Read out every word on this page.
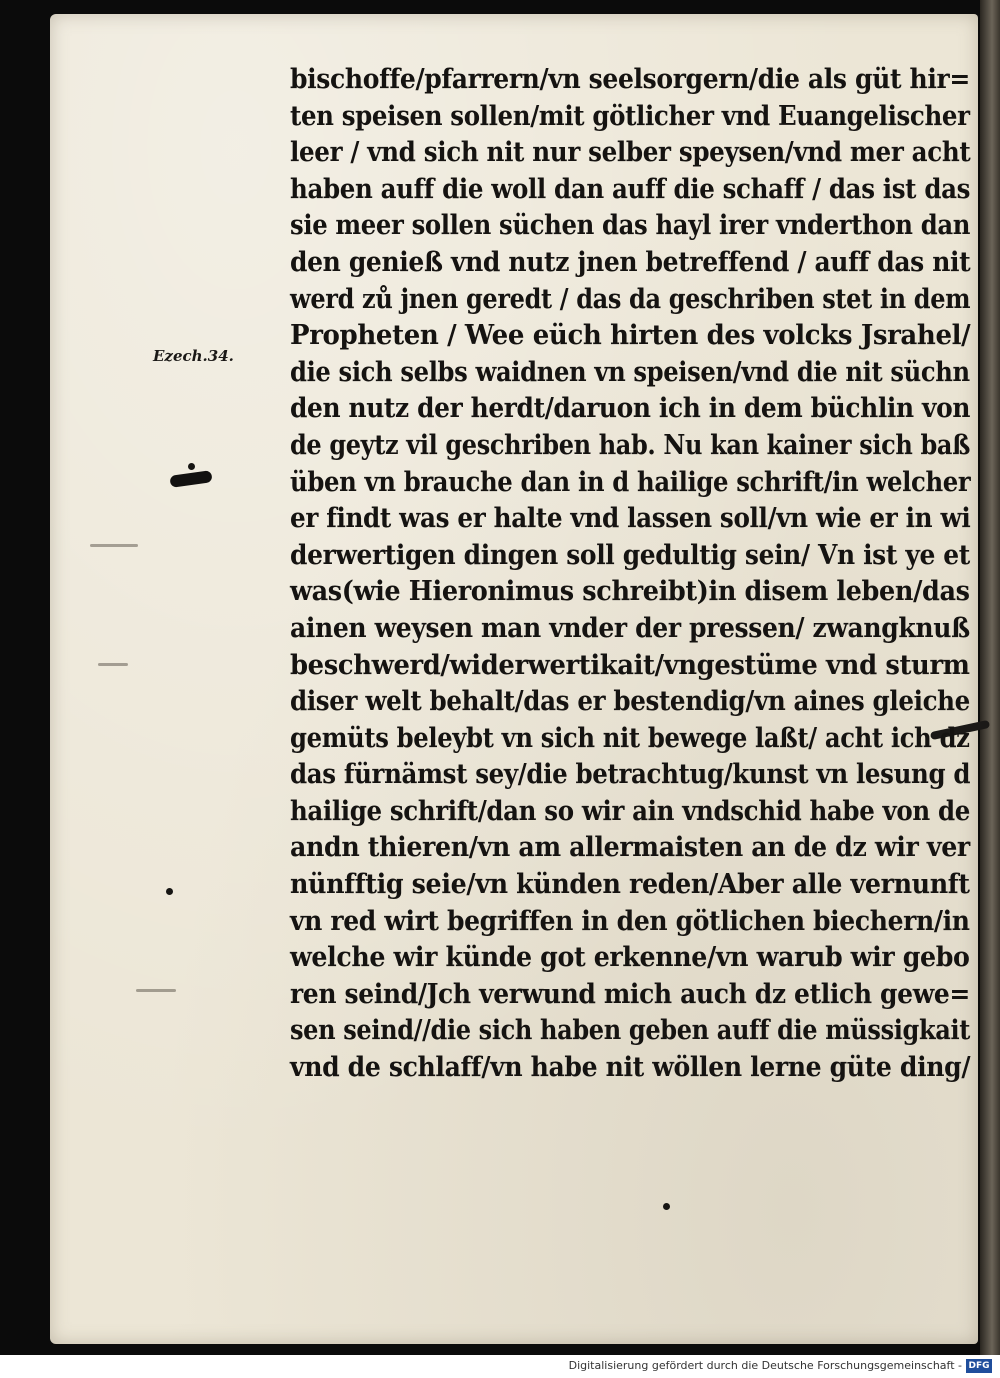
Ezech.34.
bischoffe/pfarrern/vn seelsorgern/die als güt hir=
ten speisen sollen/mit götlicher vnd Euangelischer
leer / vnd sich nit nur selber speysen/vnd mer acht
haben auff die woll dan auff die schaff / das ist das
sie meer sollen süchen das hayl irer vnderthon dan
den genieß vnd nutz jnen betreffend / auff das nit
werd zů jnen geredt / das da geschriben stet in dem
Propheten / Wee eüch hirten des volcks Jsrahel/
die sich selbs waidnen vn speisen/vnd die nit süchn
den nutz der herdt/daruon ich in dem büchlin von
de geytz vil geschriben hab. Nu kan kainer sich baß
üben vn brauche dan in d hailige schrift/in welcher
er findt was er halte vnd lassen soll/vn wie er in wi
derwertigen dingen soll gedultig sein/ Vn ist ye et
was(wie Hieronimus schreibt)in disem leben/das
ainen weysen man vnder der pressen/ zwangknuß
beschwerd/widerwertikait/vngestüme vnd sturm
diser welt behalt/das er bestendig/vn aines gleiche
gemüts beleybt vn sich nit bewege laßt/ acht ich dz
das fürnämst sey/die betrachtug/kunst vn lesung d
hailige schrift/dan so wir ain vndschid habe von de
andn thieren/vn am allermaisten an de dz wir ver
nünfftig seie/vn künden reden/Aber alle vernunft
vn red wirt begriffen in den götlichen biechern/in
welche wir künde got erkenne/vn warub wir gebo
ren seind/Jch verwund mich auch dz etlich gewe=
sen seind//die sich haben geben auff die müssigkait
vnd de schlaff/vn habe nit wöllen lerne güte ding/
Digitalisierung gefördert durch die Deutsche Forschungsgemeinschaft - DFG
